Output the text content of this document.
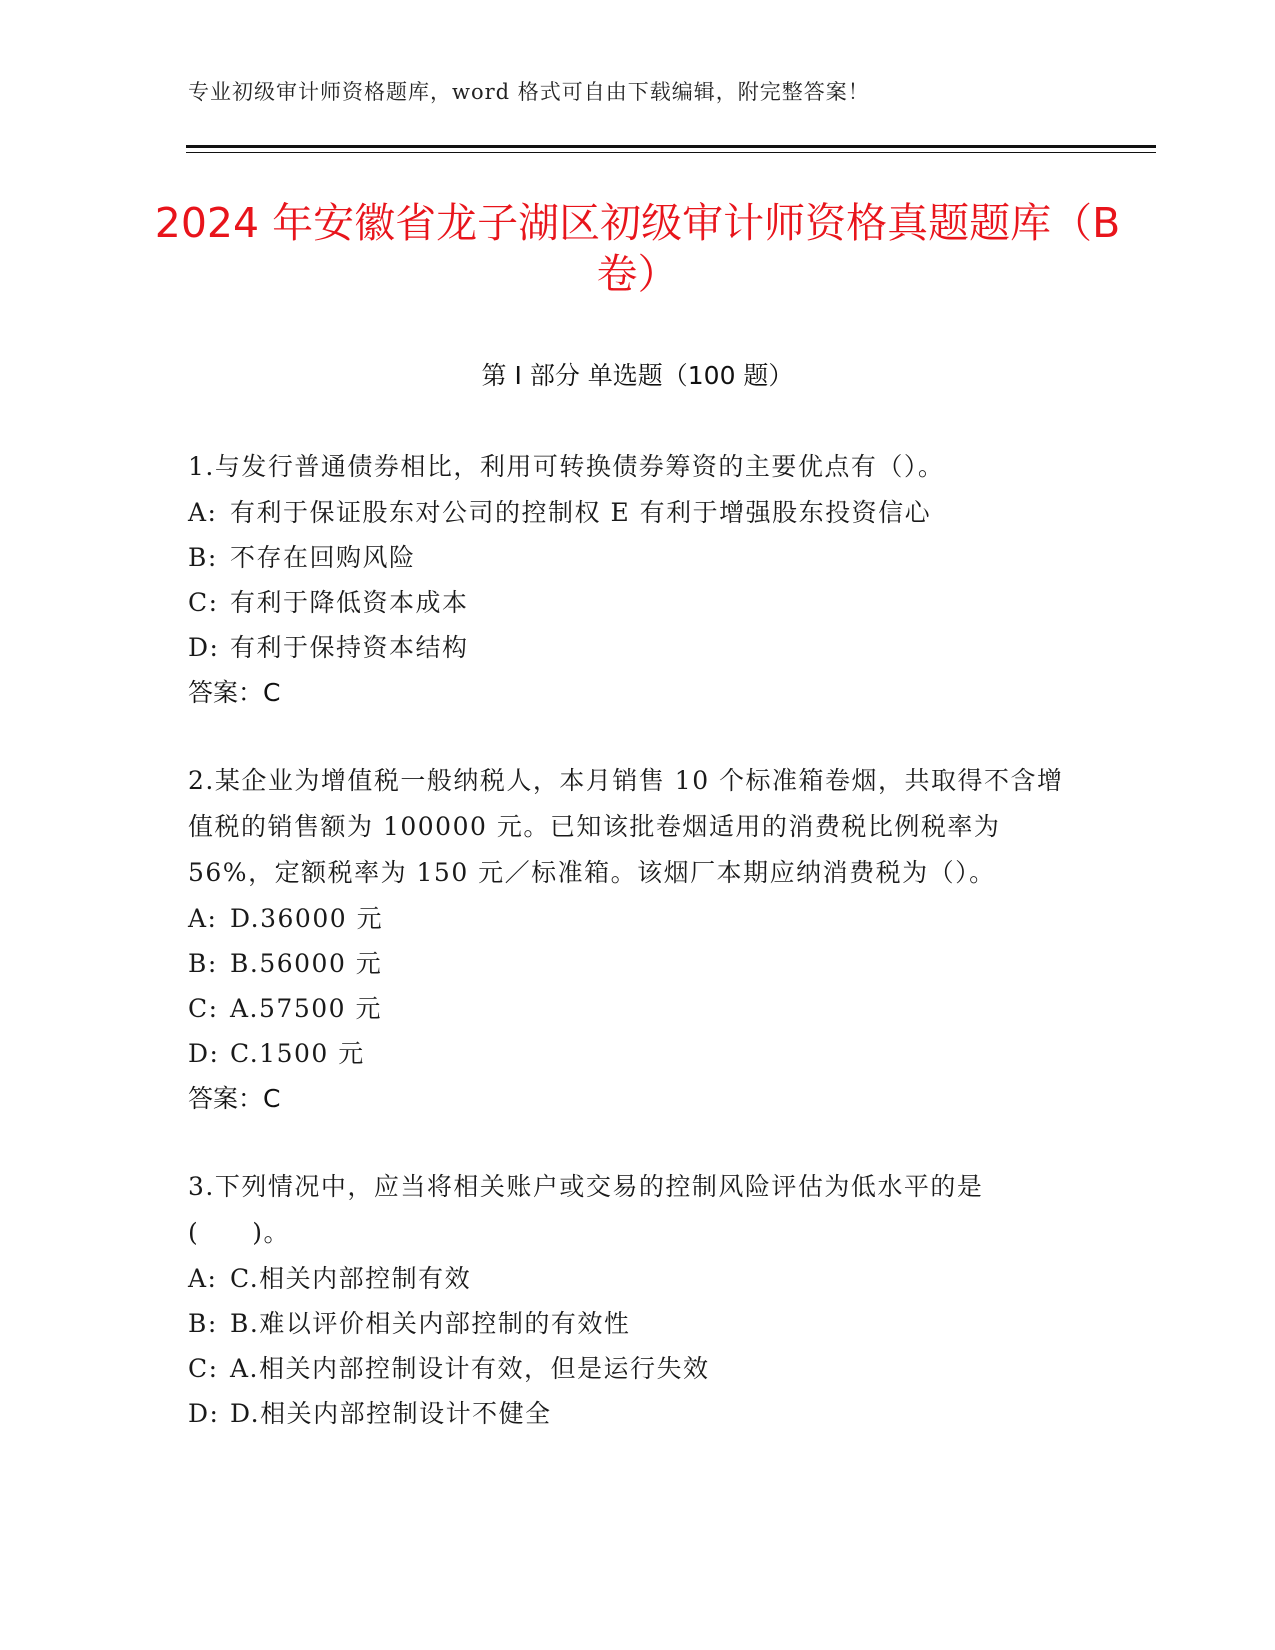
专业初级审计师资格题库，word 格式可自由下载编辑，附完整答案！
2024 年安徽省龙子湖区初级审计师资格真题题库（B 卷）
第 I 部分 单选题（100 题）

1.与发行普通债券相比，利用可转换债券筹资的主要优点有（）。

A: 有利于保证股东对公司的控制权 E 有利于增强股东投资信心
B: 不存在回购风险
C: 有利于降低资本成本
D: 有利于保持资本结构
答案：C

2.某企业为增值税一般纳税人，本月销售 10 个标准箱卷烟，共取得不含增值税的销售额为 100000 元。已知该批卷烟适用的消费税比例税率为 56%，定额税率为 150 元／标准箱。该烟厂本期应纳消费税为（）。

A: D.36000 元
B: B.56000 元
C: A.57500 元
D: C.1500 元
答案：C

3.下列情况中，应当将相关账户或交易的控制风险评估为低水平的是(　　)。

A: C.相关内部控制有效
B: B.难以评价相关内部控制的有效性
C: A.相关内部控制设计有效，但是运行失效
D: D.相关内部控制设计不健全
